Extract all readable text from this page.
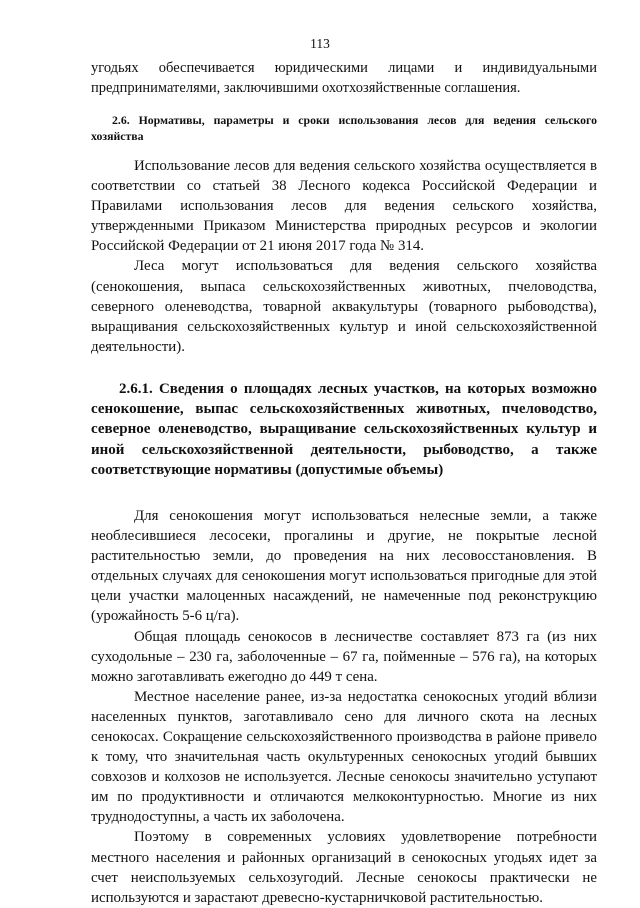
113

угодьях обеспечивается юридическими лицами и индивидуальными предпринимателями, заключившими охотхозяйственные соглашения.

2.6. Нормативы, параметры и сроки использования лесов для ведения сельского хозяйства

Использование лесов для ведения сельского хозяйства осуществляется в соответствии со статьей 38 Лесного кодекса Российской Федерации и Правилами использования лесов для ведения сельского хозяйства, утвержденными Приказом Министерства природных ресурсов и экологии Российской Федерации от 21 июня 2017 года № 314.

Леса могут использоваться для ведения сельского хозяйства (сенокошения, выпаса сельскохозяйственных животных, пчеловодства, северного оленеводства, товарной аквакультуры (товарного рыбоводства), выращивания сельскохозяйственных культур и иной сельскохозяйственной деятельности).

2.6.1. Сведения о площадях лесных участков, на которых возможно сенокошение, выпас сельскохозяйственных животных, пчеловодство, северное оленеводство, выращивание сельскохозяйственных культур и иной сельскохозяйственной деятельности, рыбоводство, а также соответствующие нормативы (допустимые объемы)

Для сенокошения могут использоваться нелесные земли, а также необлесившиеся лесосеки, прогалины и другие, не покрытые лесной растительностью земли, до проведения на них лесовосстановления. В отдельных случаях для сенокошения могут использоваться пригодные для этой цели участки малоценных насаждений, не намеченные под реконструкцию (урожайность 5-6 ц/га).

Общая площадь сенокосов в лесничестве составляет 873 га (из них суходольные – 230 га, заболоченные – 67 га, пойменные – 576 га), на которых можно заготавливать ежегодно до 449 т сена.

Местное население ранее, из-за недостатка сенокосных угодий вблизи населенных пунктов, заготавливало сено для личного скота на лесных сенокосах. Сокращение сельскохозяйственного производства в районе привело к тому, что значительная часть окультуренных сенокосных угодий бывших совхозов и колхозов не используется. Лесные сенокосы значительно уступают им по продуктивности и отличаются мелкоконтурностью. Многие из них труднодоступны, а часть их заболочена.

Поэтому в современных условиях удовлетворение потребности местного населения и районных организаций в сенокосных угодьях идет за счет неиспользуемых сельхозугодий. Лесные сенокосы практически не используются и зарастают древесно-кустарничковой растительностью.
